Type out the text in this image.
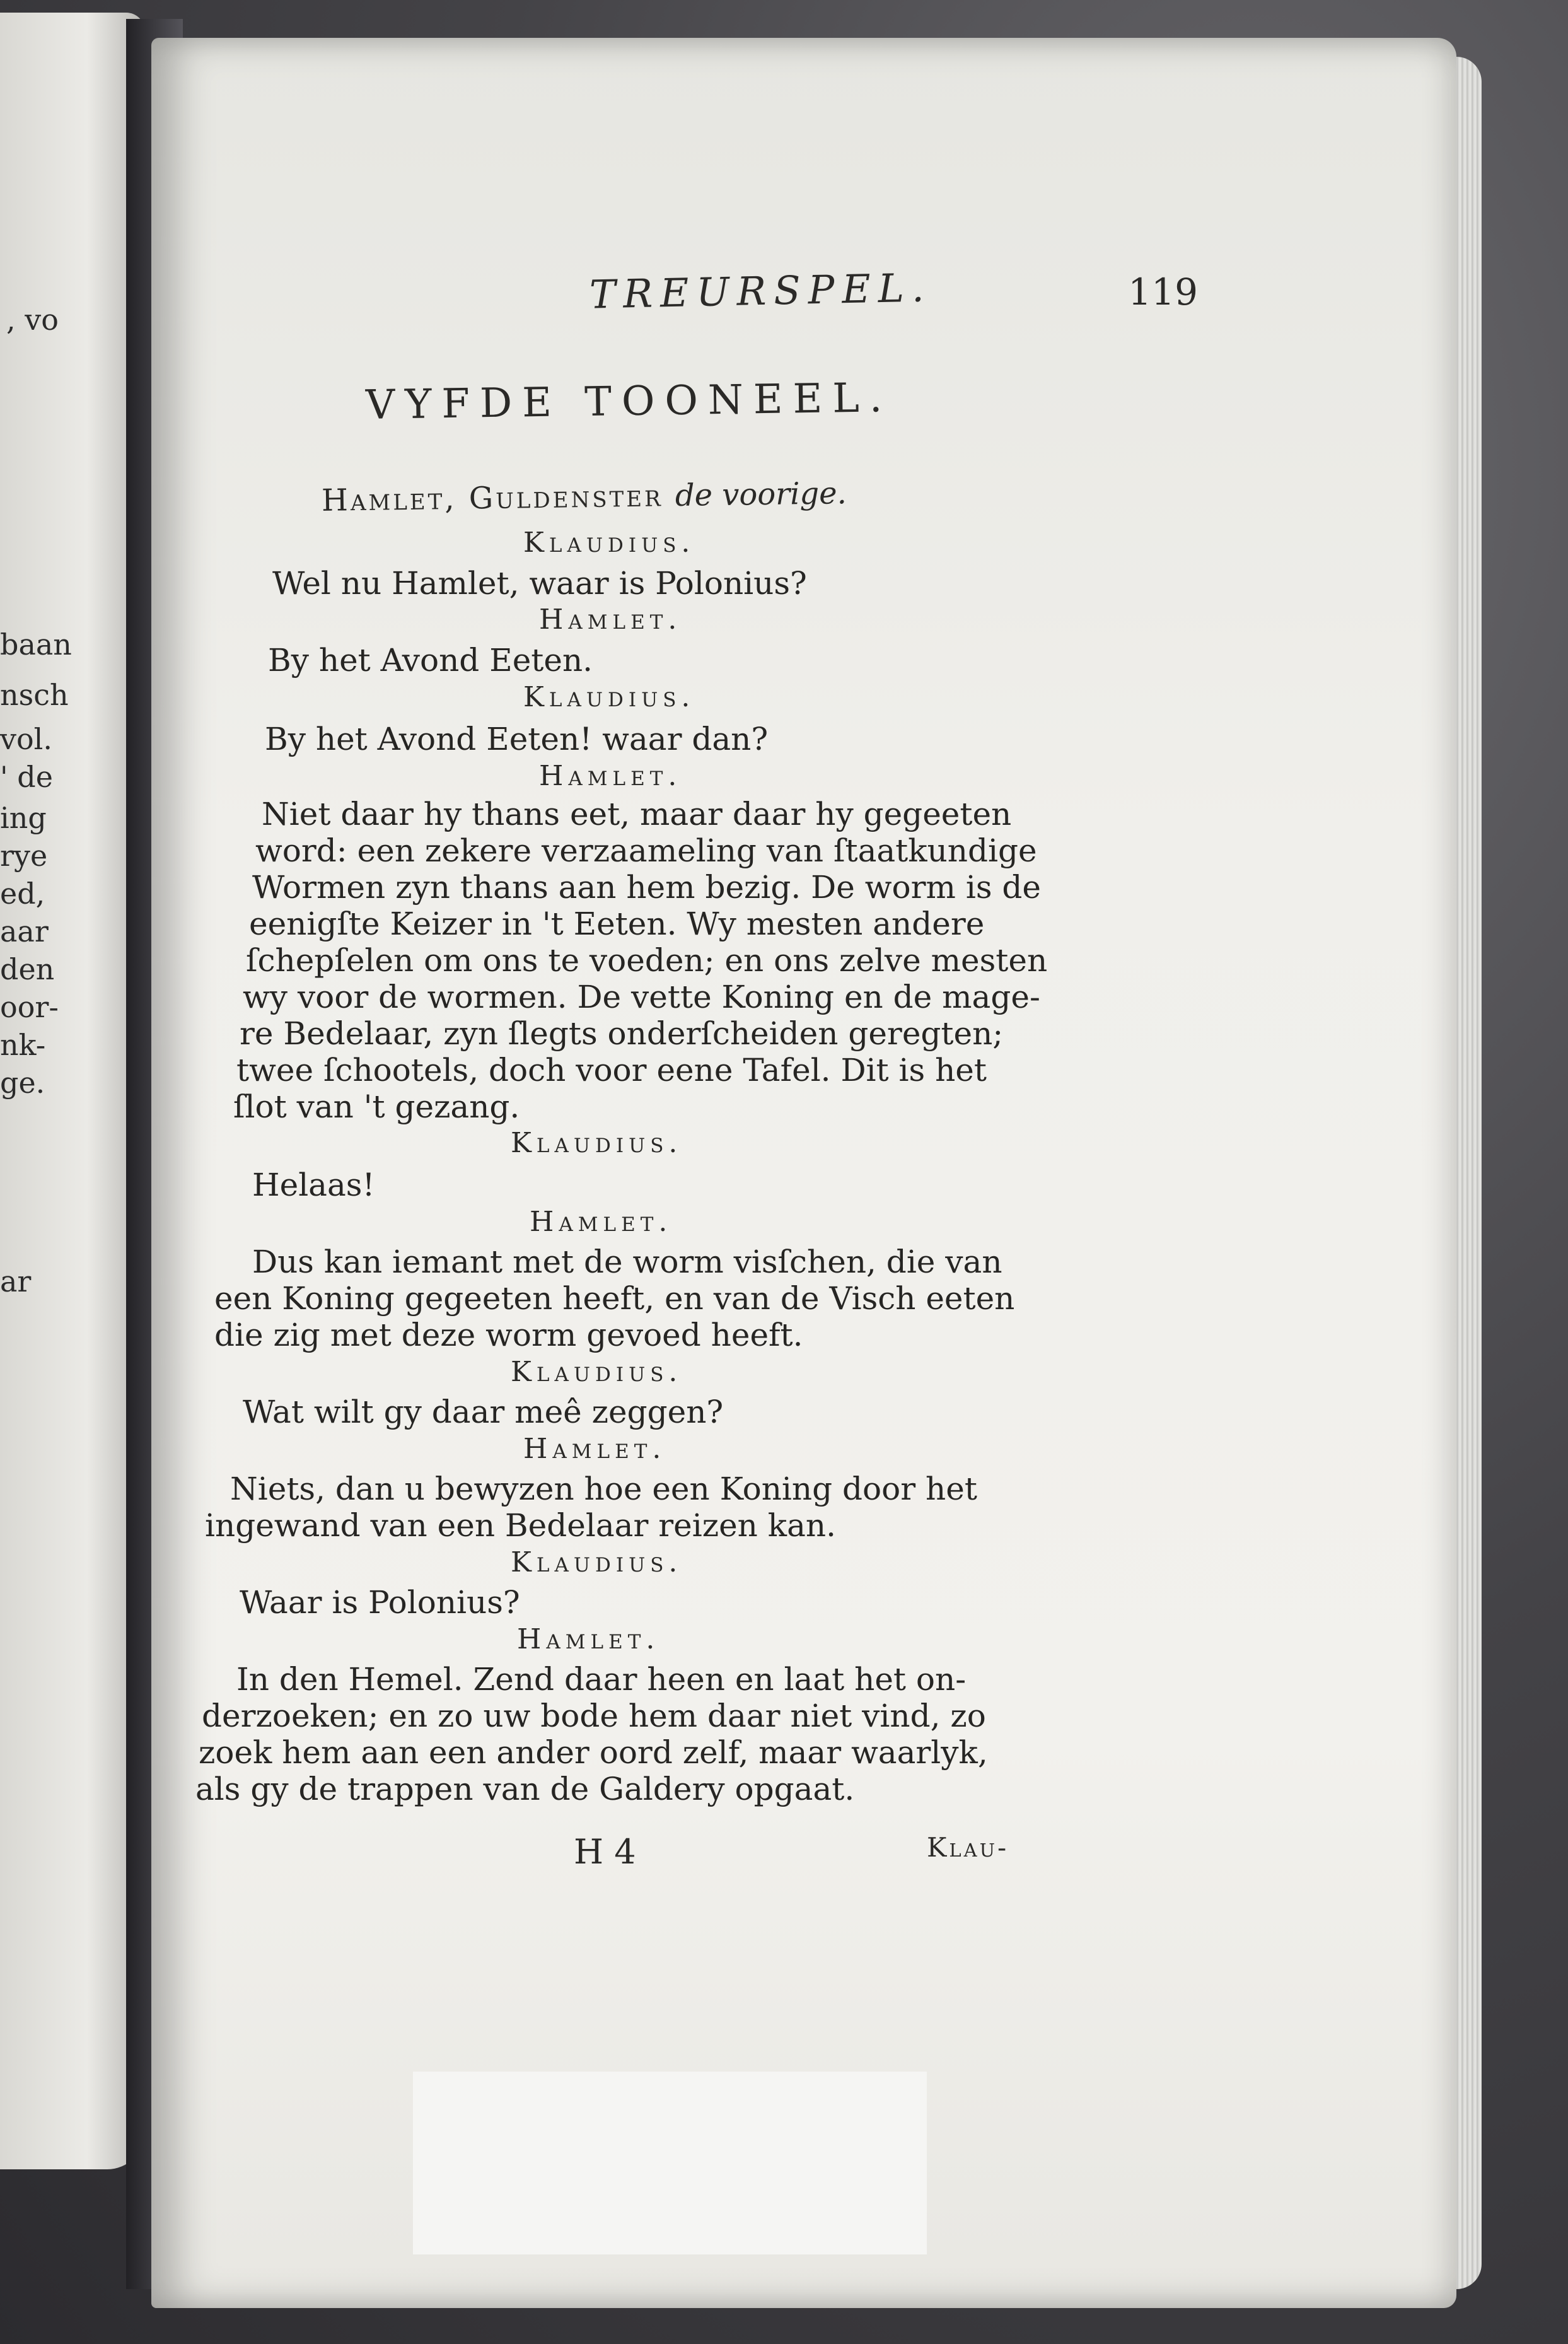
, vo
baan
nsch
vol.
' de
ing
rye
ed,
aar
den
oor-
nk-
ge.
ar
TREURSPEL.	119
VYFDE TOONEEL.
Hamlet, Guldenster de voorige.
Klaudius.
Wel nu Hamlet, waar is Polonius?
Hamlet.
By het Avond Eeten.
Klaudius.
By het Avond Eeten! waar dan?
Hamlet.
Niet daar hy thans eet, maar daar hy gegeeten
word: een zekere verzaameling van ſtaatkundige
Wormen zyn thans aan hem bezig. De worm is de
eenigſte Keizer in 't Eeten. Wy mesten andere
ſchepſelen om ons te voeden; en ons zelve mesten
wy voor de wormen. De vette Koning en de mage-
re Bedelaar, zyn ſlegts onderſcheiden geregten;
twee ſchootels, doch voor eene Tafel. Dit is het
ſlot van 't gezang.
Klaudius.
Helaas!
Hamlet.
Dus kan iemant met de worm visſchen, die van
een Koning gegeeten heeft, en van de Visch eeten
die zig met deze worm gevoed heeft.
Klaudius.
Wat wilt gy daar meê zeggen?
Hamlet.
Niets, dan u bewyzen hoe een Koning door het
ingewand van een Bedelaar reizen kan.
Klaudius.
Waar is Polonius?
Hamlet.
In den Hemel. Zend daar heen en laat het on-
derzoeken; en zo uw bode hem daar niet vind, zo
zoek hem aan een ander oord zelf, maar waarlyk,
als gy de trappen van de Galdery opgaat.
H 4	Klau-
